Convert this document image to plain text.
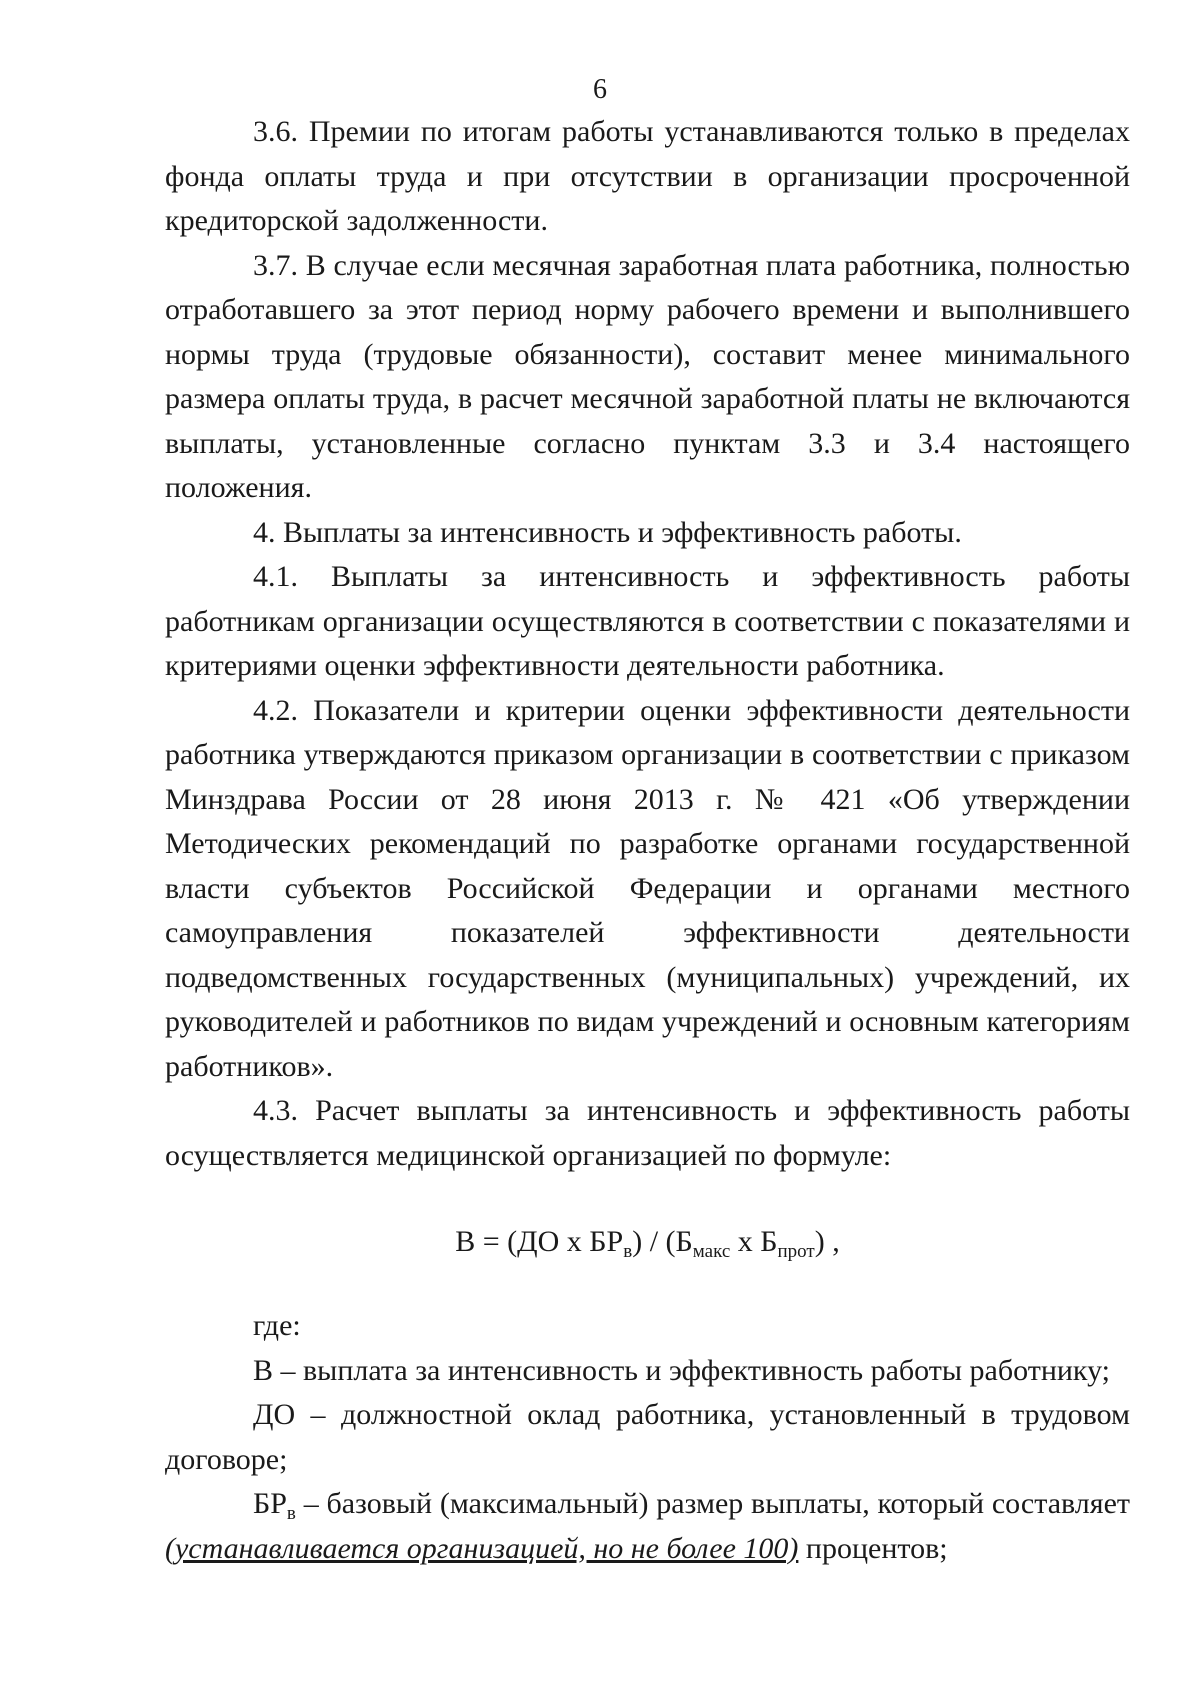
6

3.6. Премии по итогам работы устанавливаются только в пределах фонда оплаты труда и при отсутствии в организации просроченной кредиторской задолженности.

3.7. В случае если месячная заработная плата работника, полностью отработавшего за этот период норму рабочего времени и выполнившего нормы труда (трудовые обязанности), составит менее минимального размера оплаты труда, в расчет месячной заработной платы не включаются выплаты, установленные согласно пунктам 3.3 и 3.4 настоящего положения.

4. Выплаты за интенсивность и эффективность работы.

4.1. Выплаты за интенсивность и эффективность работы работникам организации осуществляются в соответствии с показателями и критериями оценки эффективности деятельности работника.

4.2. Показатели и критерии оценки эффективности деятельности работника утверждаются приказом организации в соответствии с приказом Минздрава России от 28 июня 2013 г. № 421 «Об утверждении Методических рекомендаций по разработке органами государственной власти субъектов Российской Федерации и органами местного самоуправления показателей эффективности деятельности подведомственных государственных (муниципальных) учреждений, их руководителей и работников по видам учреждений и основным категориям работников».

4.3. Расчет выплаты за интенсивность и эффективность работы осуществляется медицинской организацией по формуле:

В = (ДО х $БР_в) / (Б_{макс}$ х $Б_{прот}$) ,

где:

В – выплата за интенсивность и эффективность работы работнику;

ДО – должностной оклад работника, установленный в трудовом договоре;

$БР_в$ – базовый (максимальный) размер выплаты, который составляет (устанавливается организацией, но не более 100) процентов;
